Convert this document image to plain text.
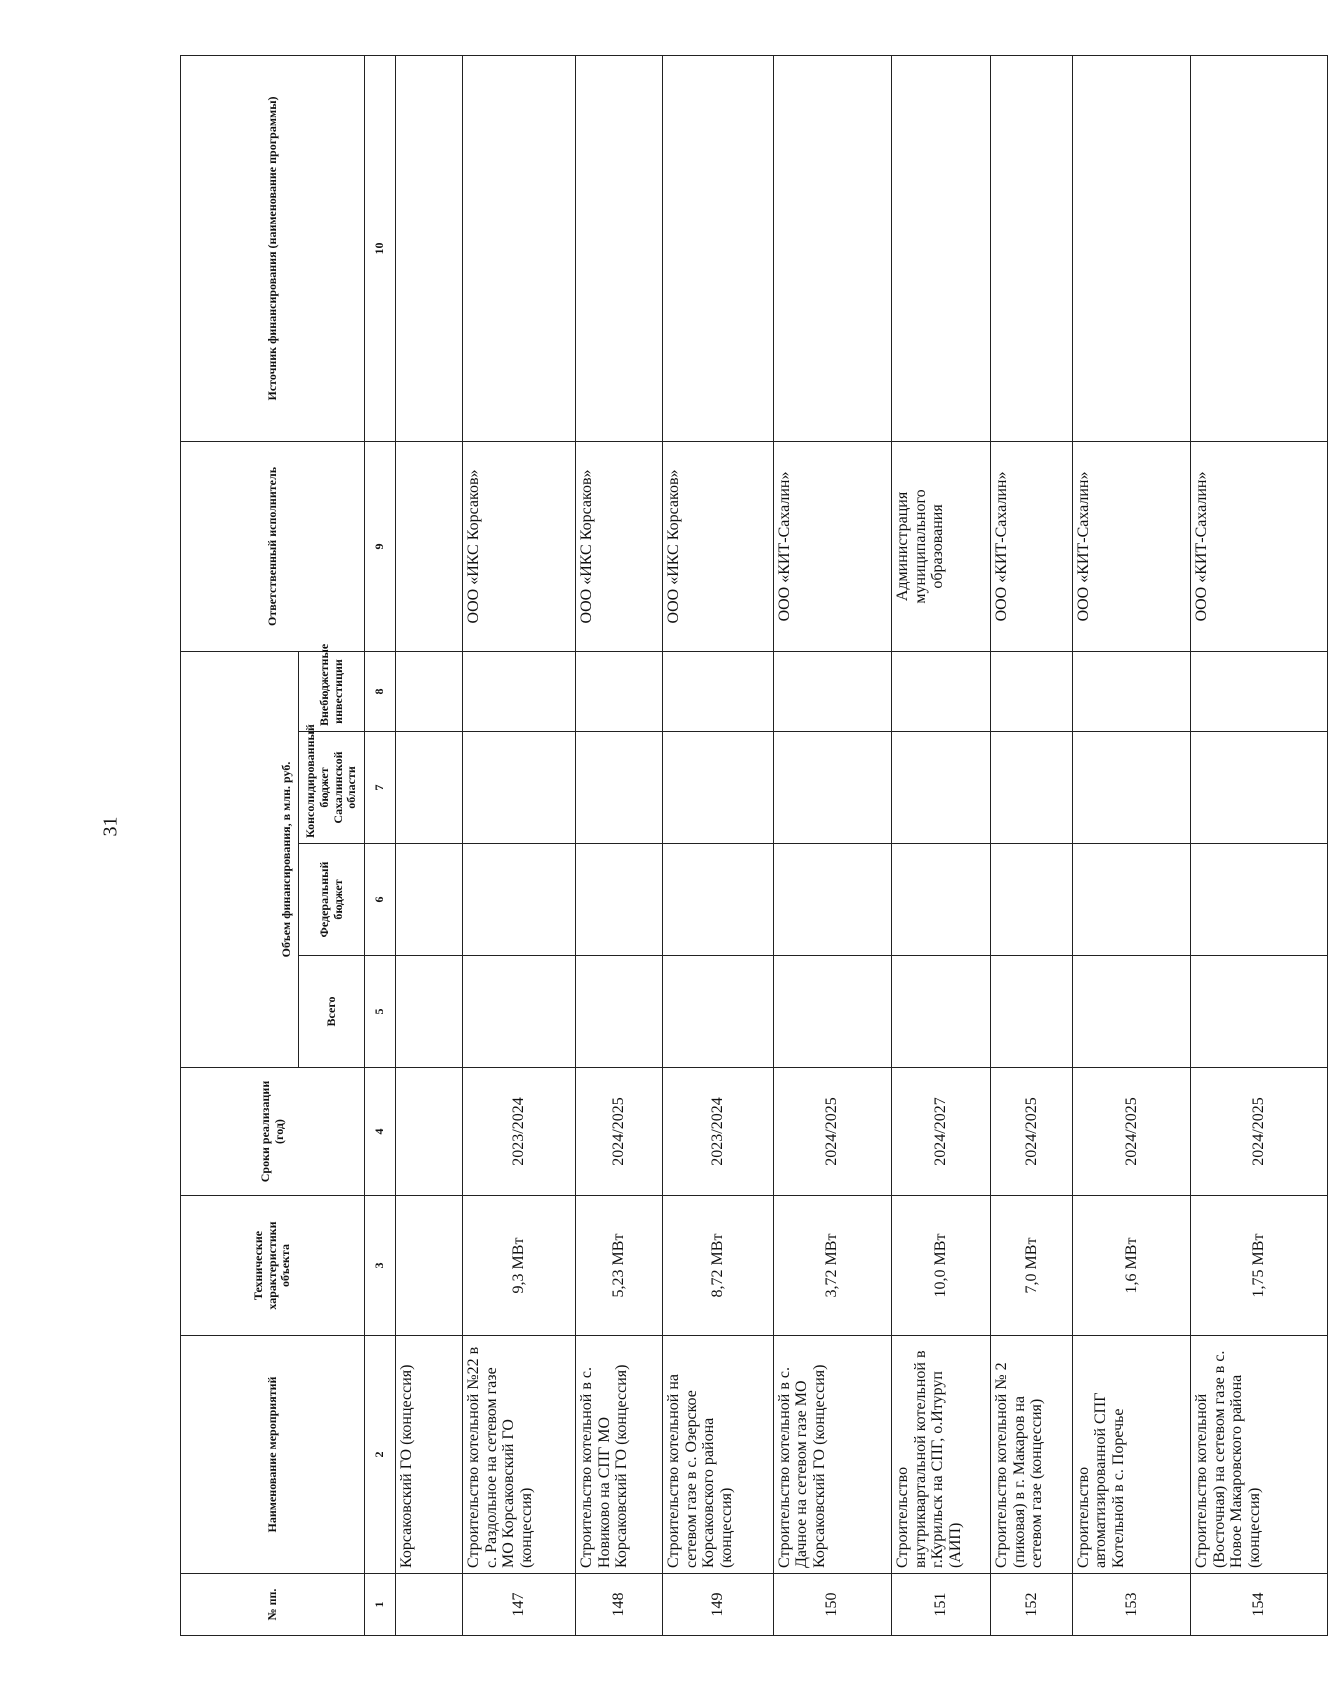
31
№ пп.	Наименование мероприятий	Технические характеристики объекта	Сроки реализации (год)	Объем финансирования, в млн. руб.				Ответственный исполнитель	Источник финансирования (наименование программы)
				Всего	Федеральный бюджет	Консолидированный бюджет Сахалинской области	Внебюджетные инвестиции		
1	2	3	4	5	6	7	8	9	10
	Корсаковский ГО (концессия)								
147	Строительство котельной №22 в с. Раздольное на сетевом газе МО Корсаковский ГО (концессия)	9,3 МВт	2023/2024					ООО «ИКС Корсаков»	
148	Строительство котельной в с. Новиково на СПГ МО Корсаковский ГО (концессия)	5,23 МВт	2024/2025					ООО «ИКС Корсаков»	
149	Строительство котельной на сетевом газе в с. Озерское Корсаковского района (концессия)	8,72 МВт	2023/2024					ООО «ИКС Корсаков»	
150	Строительство котельной в с. Дачное на сетевом газе МО Корсаковский ГО (концессия)	3,72 МВт	2024/2025					ООО «КИТ-Сахалин»	
151	Строительство внутриквартальной котельной в г.Курильск на СПГ, о.Итуруп (АИП)	10,0 МВт	2024/2027					Администрация муниципального образования	
152	Строительство котельной № 2 (пиковая) в г. Макаров на сетевом газе (концессия)	7,0 МВт	2024/2025					ООО «КИТ-Сахалин»	
153	Строительство автоматизированной СПГ Котельной в с. Поречье	1,6 МВт	2024/2025					ООО «КИТ-Сахалин»	
154	Строительство котельной (Восточная) на сетевом газе в с. Новое Макаровского района (концессия)	1,75 МВт	2024/2025					ООО «КИТ-Сахалин»	
